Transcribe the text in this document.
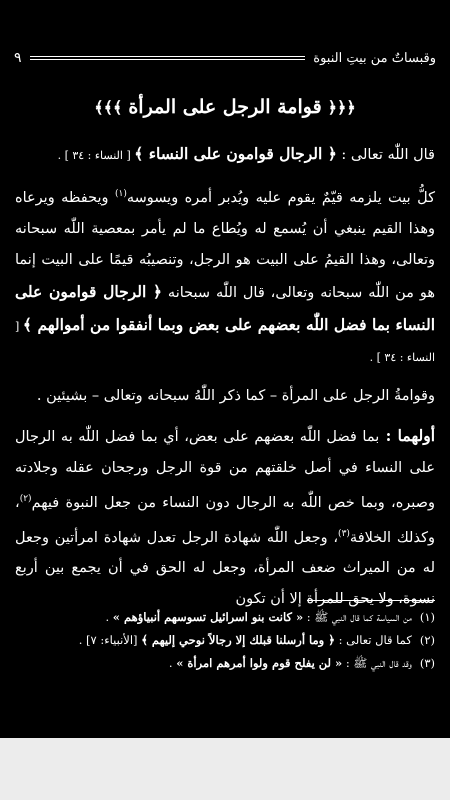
وقبساتٌ من بيتِ النبوة
٩
﴿﴿﴿
قوامة الرجل على المرأة
﴾﴾﴾

قال اللّٰه تعالى : ﴿ الرجال قوامون على النساء ﴾ [ النساء : ٣٤ ] .

كلُّ بيت يلزمه قيّمٌ يقوم عليه ويُدبر أمره ويسوسه$^{(١)}$ ويحفظه ويرعاه وهذا القيم ينبغي أن يُسمع له ويُطاع ما لم يأمر بمعصية اللّٰه سبحانه وتعالى، وهذا القيمُ على البيت هو الرجل، وتنصيبُه قيمًا على البيت إنما هو من اللّٰه سبحانه وتعالى، قال اللّٰه سبحانه ﴿ الرجال قوامون على النساء بما فضل اللّٰه بعضهم على بعض وبما أنفقوا من أموالهم ﴾ [ النساء : ٣٤ ] .

وقوامةُ الرجل على المرأة – كما ذكر اللّٰهُ سبحانه وتعالى – بشيئين .

أولهما : بما فضل اللّٰه بعضهم على بعض، أي بما فضل اللّٰه به الرجال على النساء في أصل خلقتهم من قوة الرجل ورجحان عقله وجلادته وصبره، وبما خص اللّٰه به الرجال دون النساء من جعل النبوة فيهم$^{(٢)}$، وكذلك الخلافة$^{(٣)}$، وجعل اللّٰه شهادة الرجل تعدل شهادة امرأتين وجعل له من الميراث ضعف المرأة، وجعل له الحق في أن يجمع بين أربع نسوة، ولا يحق للمرأة إلا أن تكون

(١)من السياسة كما قال النبي ﷺ : « كانت بنو اسرائيل تسوسهم أنبياؤهم » .

(٢)كما قال تعالى : ﴿ وما أرسلنا قبلك إلا رجالاً نوحي إليهم ﴾ [الأنبياء: ٧] .

(٣)وقد قال النبي ﷺ : « لن يفلح قوم ولوا أمرهم امرأة » .
